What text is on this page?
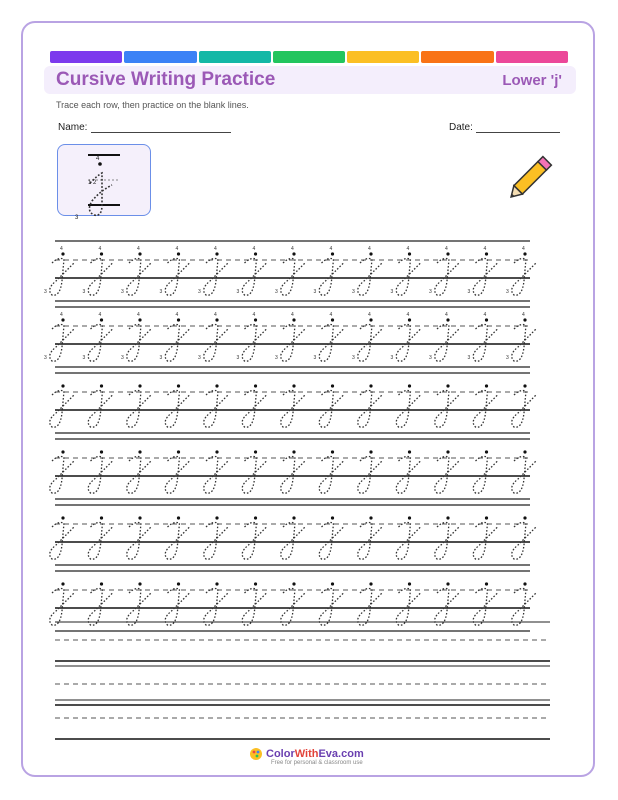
Cursive Writing Practice	Lower 'j'
Trace each row, then practice on the blank lines.
Name:	Date:
4
1 2
3
4
3
4
3
4
3
4
3
4
3
4
3
4
3
4
3
4
3
4
3
4
3
4
3
4
3
4
3
4
3
4
3
4
3
4
3
4
3
4
3
4
3
4
3
4
3
4
3
4
3
4
3
ColorWithEva.com
Free for personal & classroom use
